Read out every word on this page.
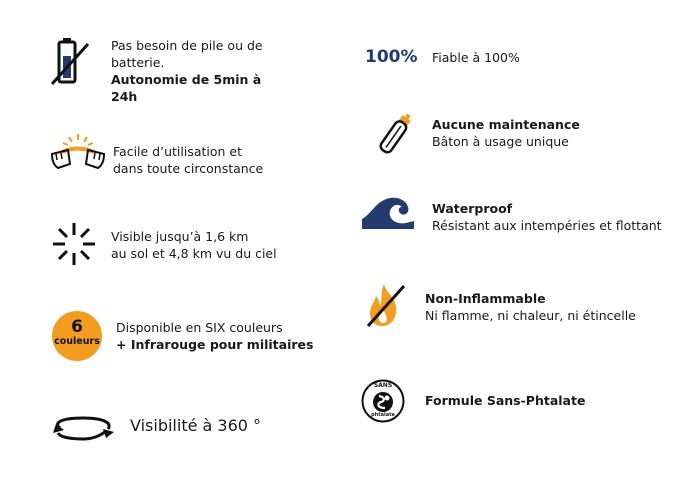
Pas besoin de pile ou de
batterie.
Autonomie de 5min à
24h
Facile d’utilisation et
dans toute circonstance
Visible jusqu’à 1,6 km
au sol et 4,8 km vu du ciel
6
couleurs
Disponible en SIX couleurs
+ Infrarouge pour militaires
Visibilité à 360 °
100% Fiable à 100%
Aucune maintenance
Bâton à usage unique
Waterproof
Résistant aux intempéries et flottant
Non-Inflammable
Ni flamme, ni chaleur, ni étincelle
SANS
phtalate
Formule Sans-Phtalate
